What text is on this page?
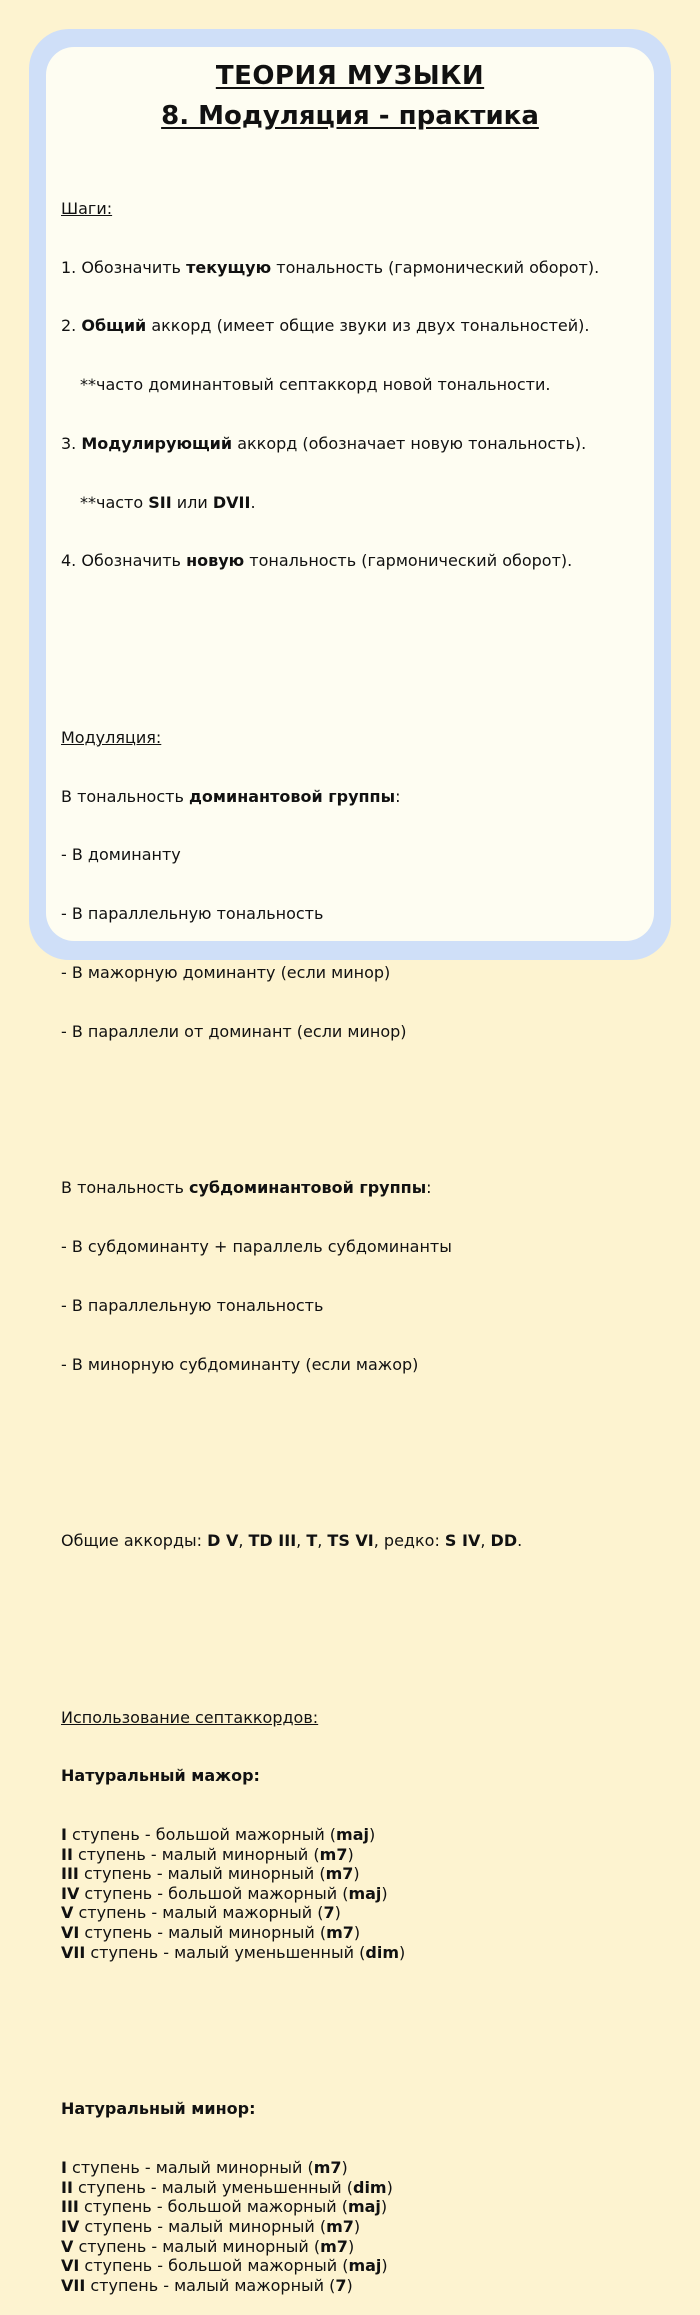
ТЕОРИЯ МУЗЫКИ
8. Модуляция - практика

Шаги:

1. Обозначить текущую тональность (гармонический оборот).

2. Общий аккорд (имеет общие звуки из двух тональностей).

**часто доминантовый септаккорд новой тональности.

3. Модулирующий аккорд (обозначает новую тональность).

**часто SII или DVII.

4. Обозначить новую тональность (гармонический оборот).

Модуляция:

В тональность доминантовой группы:

- В доминанту

- В параллельную тональность

- В мажорную доминанту (если минор)

- В параллели от доминант (если минор)

В тональность субдоминантовой группы:

- В субдоминанту + параллель субдоминанты

- В параллельную тональность

- В минорную субдоминанту (если мажор)

Общие аккорды: D V, TD III, T, TS VI, редко: S IV, DD.

Использование септаккордов:

Натуральный мажор:

I ступень - большой мажорный (maj)
II ступень - малый минорный (m7)
III ступень - малый минорный (m7)
IV ступень - большой мажорный (maj)
V ступень - малый мажорный (7)
VI ступень - малый минорный (m7)
VII ступень - малый уменьшенный (dim)

Натуральный минор:

I ступень - малый минорный (m7)
II ступень - малый уменьшенный (dim)
III ступень - большой мажорный (maj)
IV ступень - малый минорный (m7)
V ступень - малый минорный (m7)
VI ступень - большой мажорный (maj)
VII ступень - малый мажорный (7)
